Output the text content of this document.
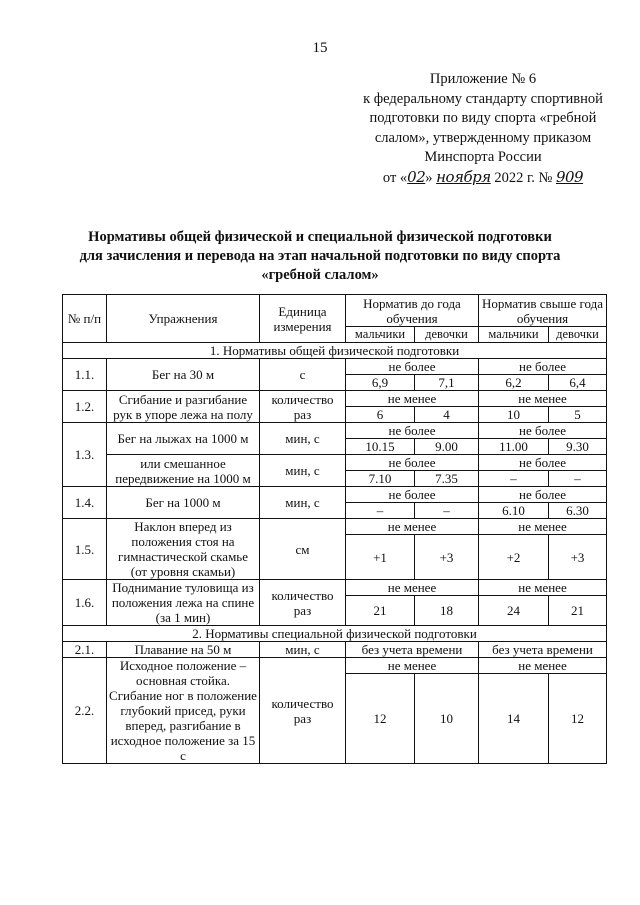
15
Приложение № 6
к федеральному стандарту спортивной
подготовки по виду спорта «гребной
слалом», утвержденному приказом
Минспорта России
от «02» ноября 2022 г. № 909
Нормативы общей физической и специальной физической подготовки
для зачисления и перевода на этап начальной подготовки по виду спорта
«гребной слалом»
№ п/п	Упражнения	Единица измерения	Норматив до года обучения		Норматив свыше года обучения	
			мальчики	девочки	мальчики	девочки
1. Нормативы общей физической подготовки						
1.1.	Бег на 30 м	с	не более		не более	
			6,9	7,1	6,2	6,4
1.2.	Сгибание и разгибание рук в упоре лежа на полу	количество раз	не менее		не менее	
			6	4	10	5
1.3.	Бег на лыжах на 1000 м	мин, с	не более		не более	
			10.15	9.00	11.00	9.30
	или смешанное передвижение на 1000 м	мин, с	не более		не более	
			7.10	7.35	–	–
1.4.	Бег на 1000 м	мин, с	не более		не более	
			–	–	6.10	6.30
1.5.	Наклон вперед из положения стоя на гимнастической скамье (от уровня скамьи)	см	не менее		не менее	
			+1	+3	+2	+3
1.6.	Поднимание туловища из положения лежа на спине (за 1 мин)	количество раз	не менее		не менее	
			21	18	24	21
2. Нормативы специальной физической подготовки						
2.1.	Плавание на 50 м	мин, с	без учета времени		без учета времени	
2.2.	Исходное положение – основная стойка. Сгибание ног в положение глубокий присед, руки вперед, разгибание в исходное положение за 15 с	количество раз	не менее		не менее	
			12	10	14	12
